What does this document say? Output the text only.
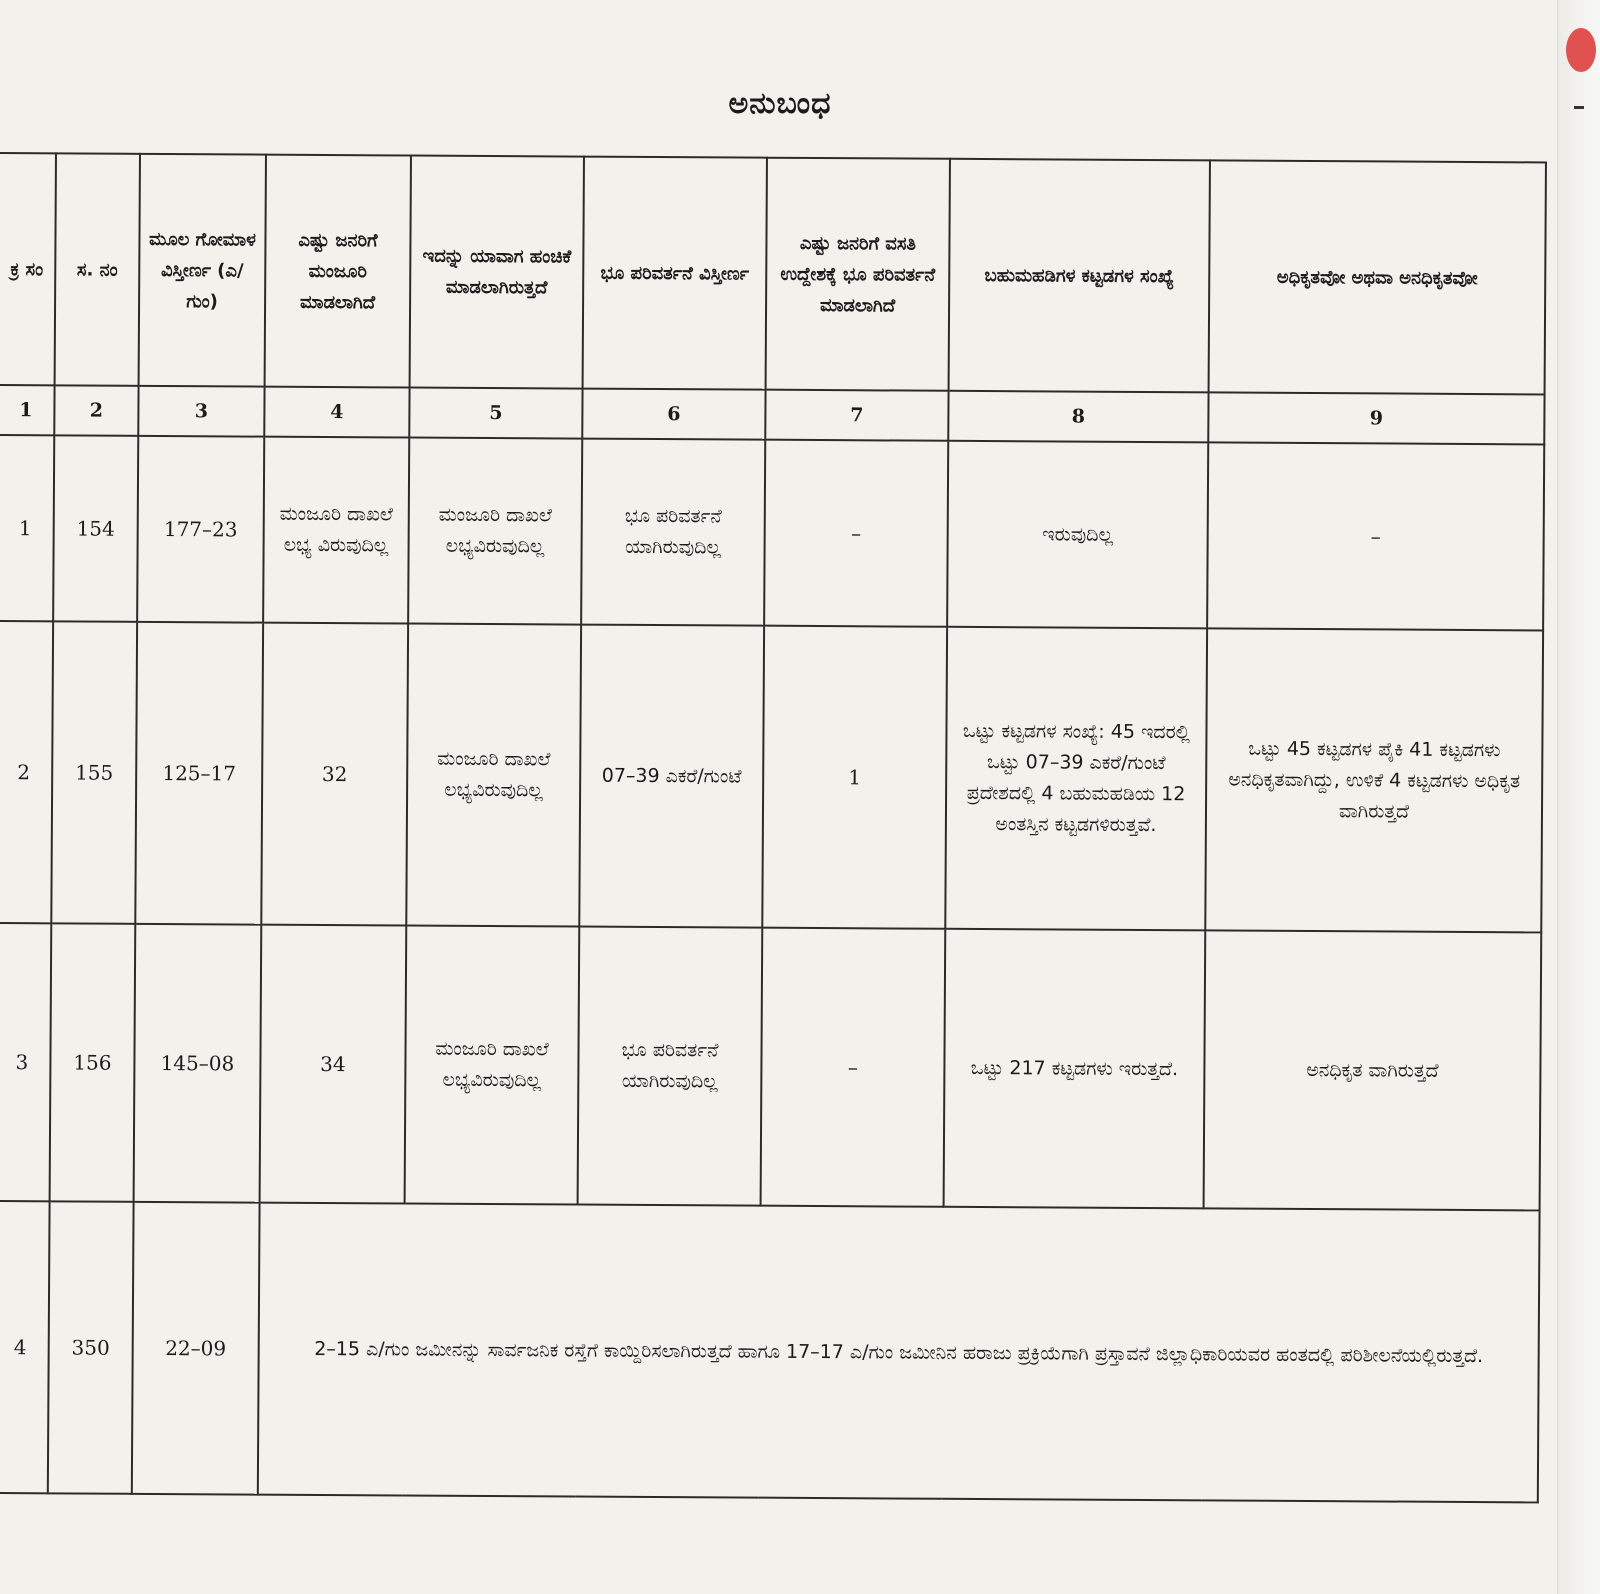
ಅನುಬಂಧ
ಕ್ರ ಸಂ	ಸ. ನಂ	ಮೂಲ ಗೋಮಾಳ ವಿಸ್ತೀರ್ಣ (ಎ/ಗುಂ)	ಎಷ್ಟು ಜನರಿಗೆ ಮಂಜೂರಿ ಮಾಡಲಾಗಿದೆ	ಇದನ್ನು ಯಾವಾಗ ಹಂಚಿಕೆ ಮಾಡಲಾಗಿರುತ್ತದೆ	ಭೂ ಪರಿವರ್ತನೆ ವಿಸ್ತೀರ್ಣ	ಎಷ್ಟು ಜನರಿಗೆ ವಸತಿ ಉದ್ದೇಶಕ್ಕೆ ಭೂ ಪರಿವರ್ತನೆ ಮಾಡಲಾಗಿದೆ	ಬಹುಮಹಡಿಗಳ ಕಟ್ಟಡಗಳ ಸಂಖ್ಯೆ	ಅಧಿಕೃತವೋ ಅಥವಾ ಅನಧಿಕೃತವೋ
1	2	3	4	5	6	7	8	9
1	154	177–23	ಮಂಜೂರಿ ದಾಖಲೆ ಲಭ್ಯ ವಿರುವುದಿಲ್ಲ	ಮಂಜೂರಿ ದಾಖಲೆ ಲಭ್ಯವಿರುವುದಿಲ್ಲ	ಭೂ ಪರಿವರ್ತನೆ ಯಾಗಿರುವುದಿಲ್ಲ	–	ಇರುವುದಿಲ್ಲ	–
2	155	125–17	32	ಮಂಜೂರಿ ದಾಖಲೆ ಲಭ್ಯವಿರುವುದಿಲ್ಲ	07–39 ಎಕರೆ/ಗುಂಟೆ	1	ಒಟ್ಟು ಕಟ್ಟಡಗಳ ಸಂಖ್ಯೆ: 45 ಇದರಲ್ಲಿ ಒಟ್ಟು 07–39 ಎಕರೆ/ಗುಂಟೆ ಪ್ರದೇಶದಲ್ಲಿ 4 ಬಹುಮಹಡಿಯ 12 ಅಂತಸ್ತಿನ ಕಟ್ಟಡಗಳಿರುತ್ತವೆ.	ಒಟ್ಟು 45 ಕಟ್ಟಡಗಳ ಪೈಕಿ 41 ಕಟ್ಟಡಗಳು ಅನಧಿಕೃತವಾಗಿದ್ದು, ಉಳಿಕೆ 4 ಕಟ್ಟಡಗಳು ಅಧಿಕೃತ ವಾಗಿರುತ್ತದೆ
3	156	145–08	34	ಮಂಜೂರಿ ದಾಖಲೆ ಲಭ್ಯವಿರುವುದಿಲ್ಲ	ಭೂ ಪರಿವರ್ತನೆ ಯಾಗಿರುವುದಿಲ್ಲ	–	ಒಟ್ಟು 217 ಕಟ್ಟಡಗಳು ಇರುತ್ತದೆ.	ಅನಧಿಕೃತ ವಾಗಿರುತ್ತದೆ
4	350	22–09	2–15 ಎ/ಗುಂ ಜಮೀನನ್ನು ಸಾರ್ವಜನಿಕ ರಸ್ತೆಗೆ ಕಾಯ್ದಿರಿಸಲಾಗಿರುತ್ತದೆ ಹಾಗೂ 17–17 ಎ/ಗುಂ ಜಮೀನಿನ ಹರಾಜು ಪ್ರಕ್ರಿಯೆಗಾಗಿ ಪ್ರಸ್ತಾವನೆ ಜಿಲ್ಲಾಧಿಕಾರಿಯವರ ಹಂತದಲ್ಲಿ ಪರಿಶೀಲನೆಯಲ್ಲಿರುತ್ತದೆ.					
